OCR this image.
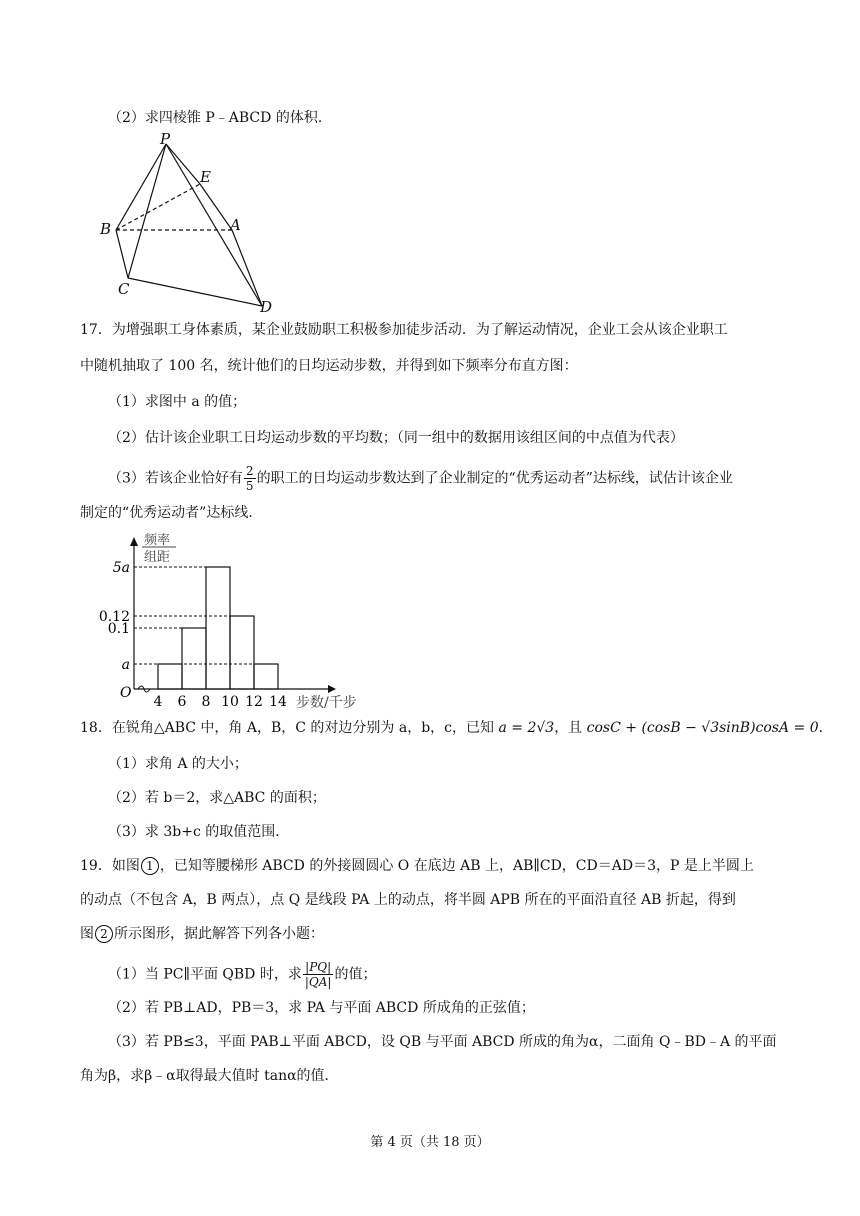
（2）求四棱锥 P﹣ABCD 的体积．
P
E
B	A
C
D
17．为增强职工身体素质，某企业鼓励职工积极参加徒步活动．为了解运动情况，企业工会从该企业职工
中随机抽取了 100 名，统计他们的日均运动步数，并得到如下频率分布直方图：
（1）求图中 a 的值；
（2）估计该企业职工日均运动步数的平均数；（同一组中的数据用该组区间的中点值为代表）
（3）若该企业恰好有 $\frac{2}{5}$ 的职工的日均运动步数达到了企业制定的“优秀运动者”达标线，试估计该企业
制定的“优秀运动者”达标线．
5a
0.12
0.1
a
4 6 8 10 12 14
O
频率
组距
步数/千步
18．在锐角△ABC 中，角 A，B，C 的对边分别为 a，b，c，已知 a = 2√3，且 cosC + (cosB − √3sinB)cosA = 0．
（1）求角 A 的大小；
（2）若 b＝2，求△ABC 的面积；
（3）求 3b+c 的取值范围．
19．如图 1 ，已知等腰梯形 ABCD 的外接圆圆心 O 在底边 AB 上，AB∥CD，CD＝AD＝3，P 是上半圆上
的动点（不包含 A，B 两点），点 Q 是线段 PA 上的动点，将半圆 APB 所在的平面沿直径 AB 折起，得到
图 2 所示图形，据此解答下列各小题：
（1）当 PC∥平面 QBD 时，求 $\frac{|PQ|}{|QA|}$ 的值；
（2）若 PB⊥AD，PB＝3，求 PA 与平面 ABCD 所成角的正弦值；
（3）若 PB≤3，平面 PAB⊥平面 ABCD，设 QB 与平面 ABCD 所成的角为α，二面角 Q﹣BD﹣A 的平面
角为β，求β﹣α取得最大值时 tanα的值．
第 4 页（共 18 页）
